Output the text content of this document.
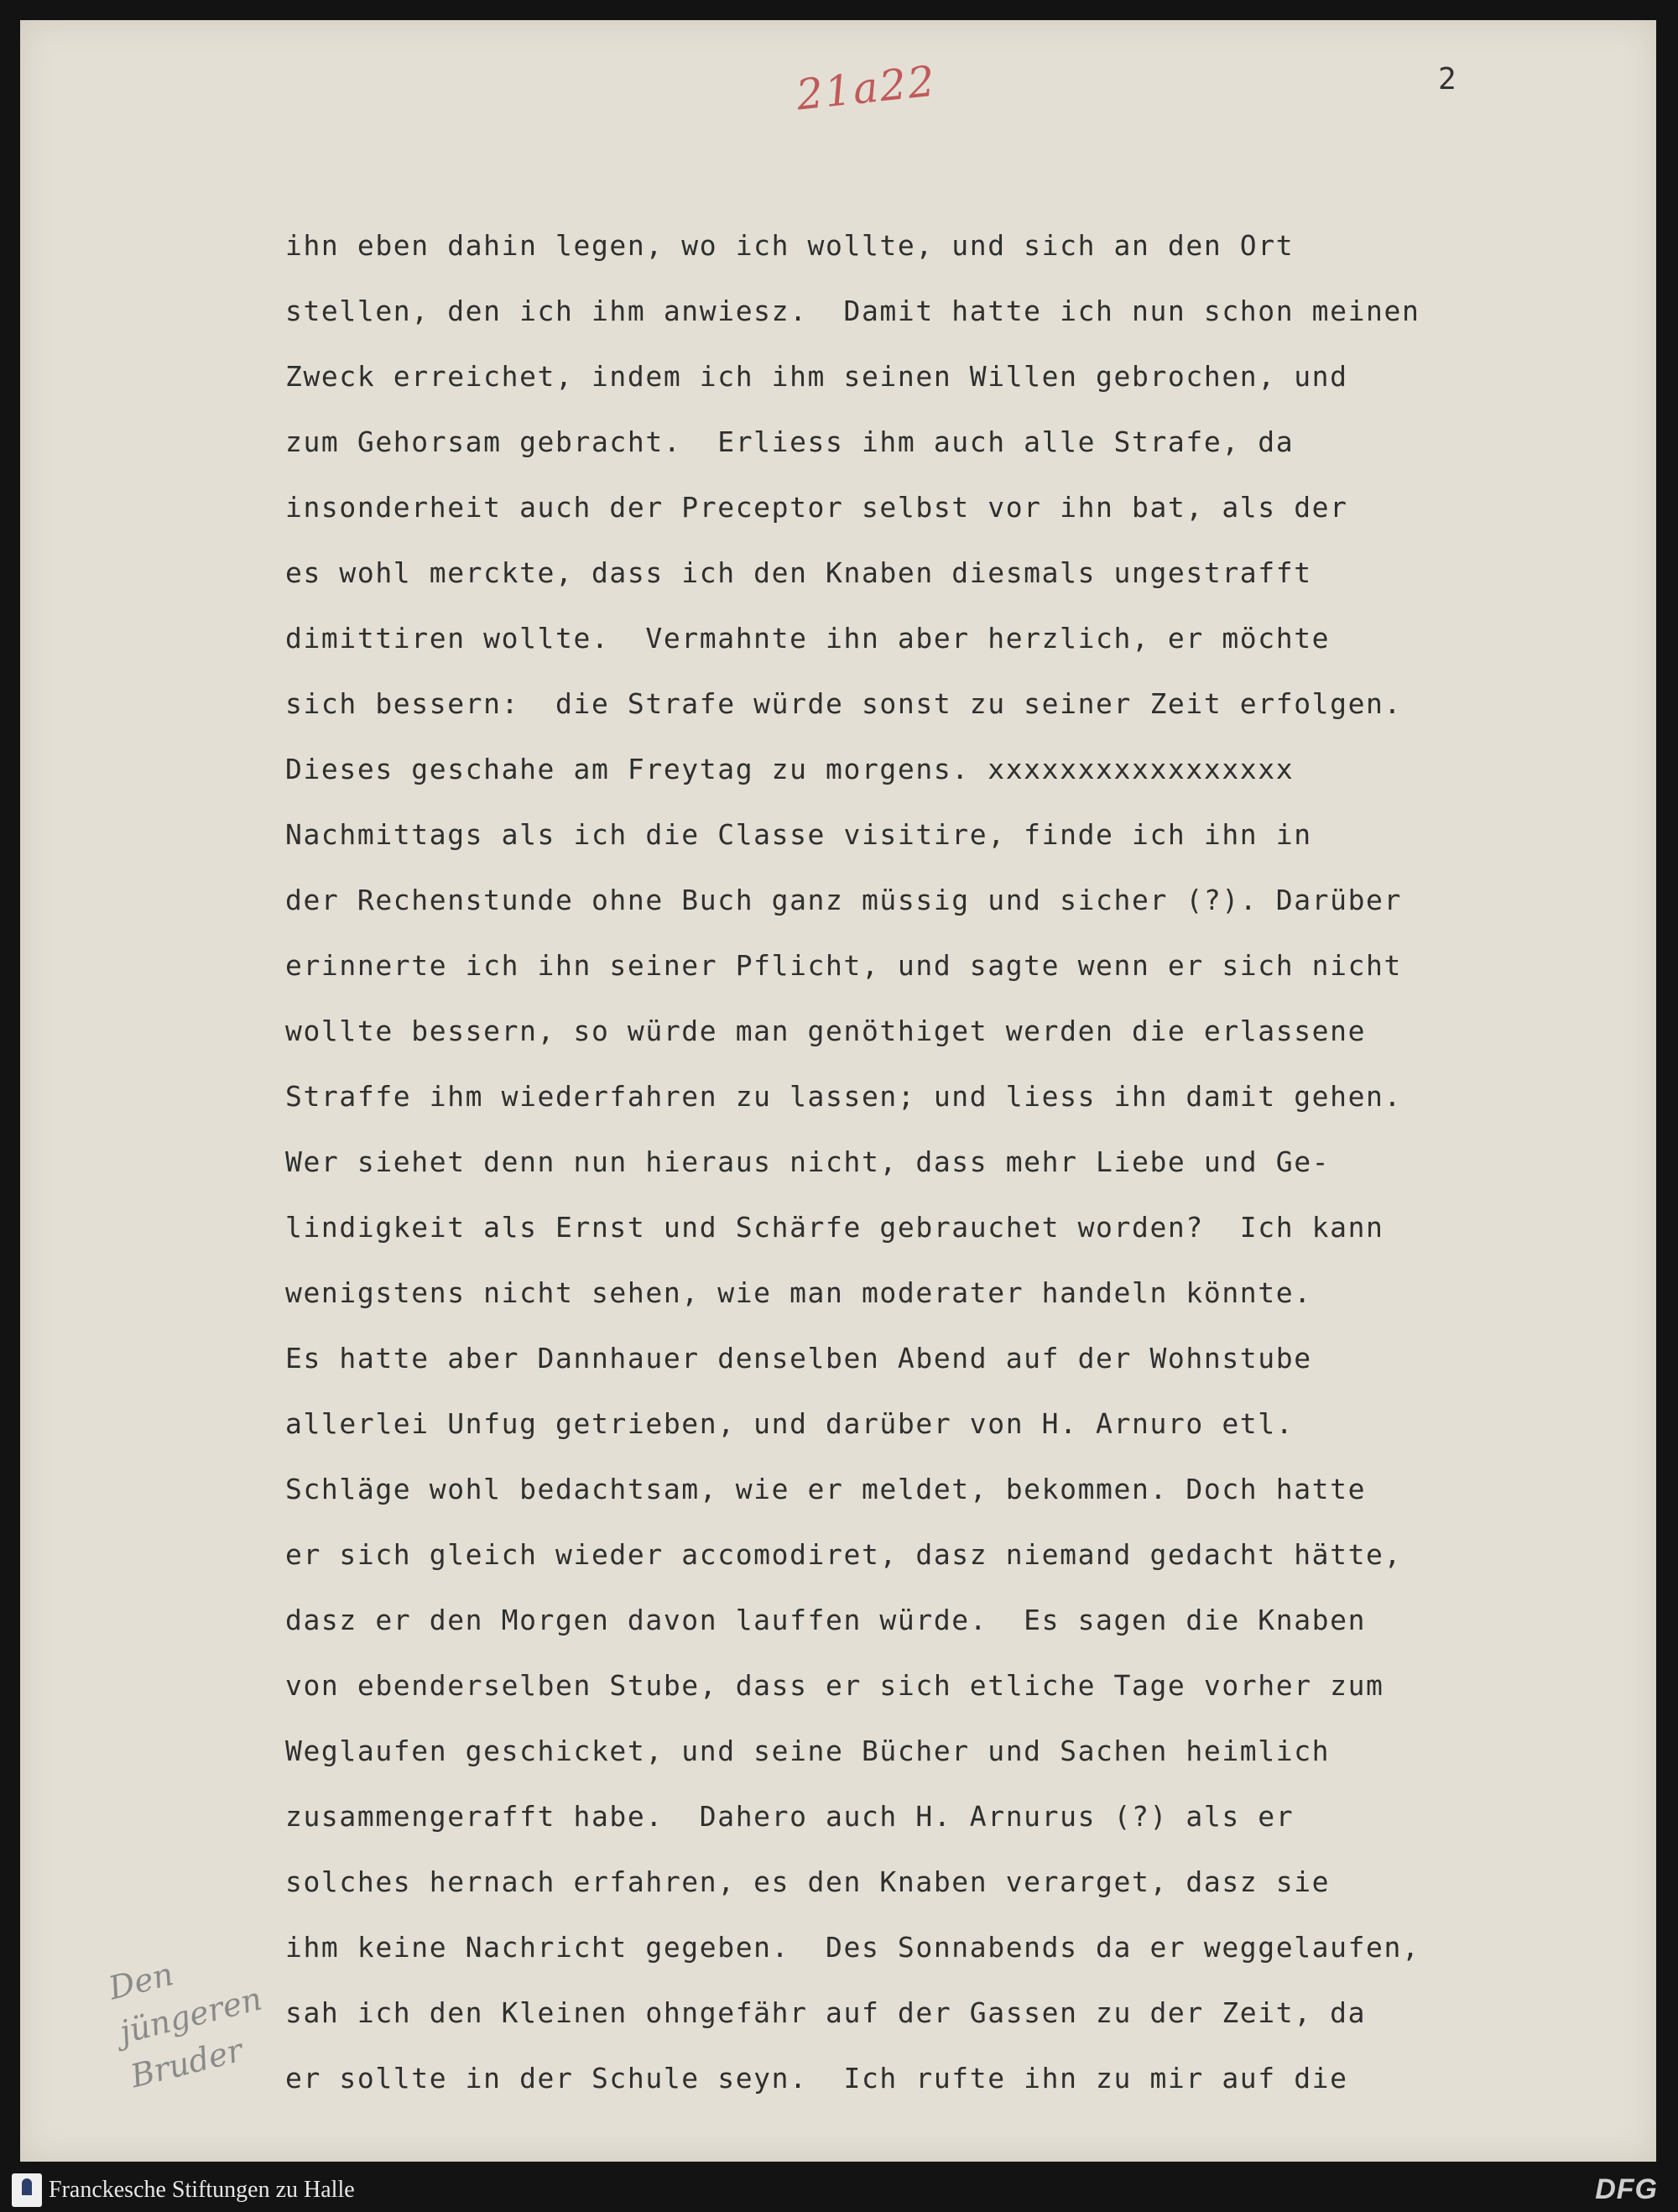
21a22	2
ihn eben dahin legen, wo ich wollte, und sich an den Ort
stellen, den ich ihm anwiesz.  Damit hatte ich nun schon meinen
Zweck erreichet, indem ich ihm seinen Willen gebrochen, und
zum Gehorsam gebracht.  Erliess ihm auch alle Strafe, da
insonderheit auch der Preceptor selbst vor ihn bat, als der
es wohl merckte, dass ich den Knaben diesmals ungestrafft
dimittiren wollte.  Vermahnte ihn aber herzlich, er möchte
sich bessern:  die Strafe würde sonst zu seiner Zeit erfolgen.
Dieses geschahe am Freytag zu morgens. xxxxxxxxxxxxxxxxx
Nachmittags als ich die Classe visitire, finde ich ihn in
der Rechenstunde ohne Buch ganz müssig und sicher (?). Darüber
erinnerte ich ihn seiner Pflicht, und sagte wenn er sich nicht
wollte bessern, so würde man genöthiget werden die erlassene
Straffe ihm wiederfahren zu lassen; und liess ihn damit gehen.
Wer siehet denn nun hieraus nicht, dass mehr Liebe und Ge-
lindigkeit als Ernst und Schärfe gebrauchet worden?  Ich kann
wenigstens nicht sehen, wie man moderater handeln könnte.
Es hatte aber Dannhauer denselben Abend auf der Wohnstube
allerlei Unfug getrieben, und darüber von H. Arnuro etl.
Schläge wohl bedachtsam, wie er meldet, bekommen. Doch hatte
er sich gleich wieder accomodiret, dasz niemand gedacht hätte,
dasz er den Morgen davon lauffen würde.  Es sagen die Knaben
von ebenderselben Stube, dass er sich etliche Tage vorher zum
Weglaufen geschicket, und seine Bücher und Sachen heimlich
zusammengerafft habe.  Dahero auch H. Arnurus (?) als er
solches hernach erfahren, es den Knaben verarget, dasz sie
ihm keine Nachricht gegeben.  Des Sonnabends da er weggelaufen,
sah ich den Kleinen ohngefähr auf der Gassen zu der Zeit, da
er sollte in der Schule seyn.  Ich rufte ihn zu mir auf die
Den jüngeren Bruder
Franckesche Stiftungen zu Halle	DFG
